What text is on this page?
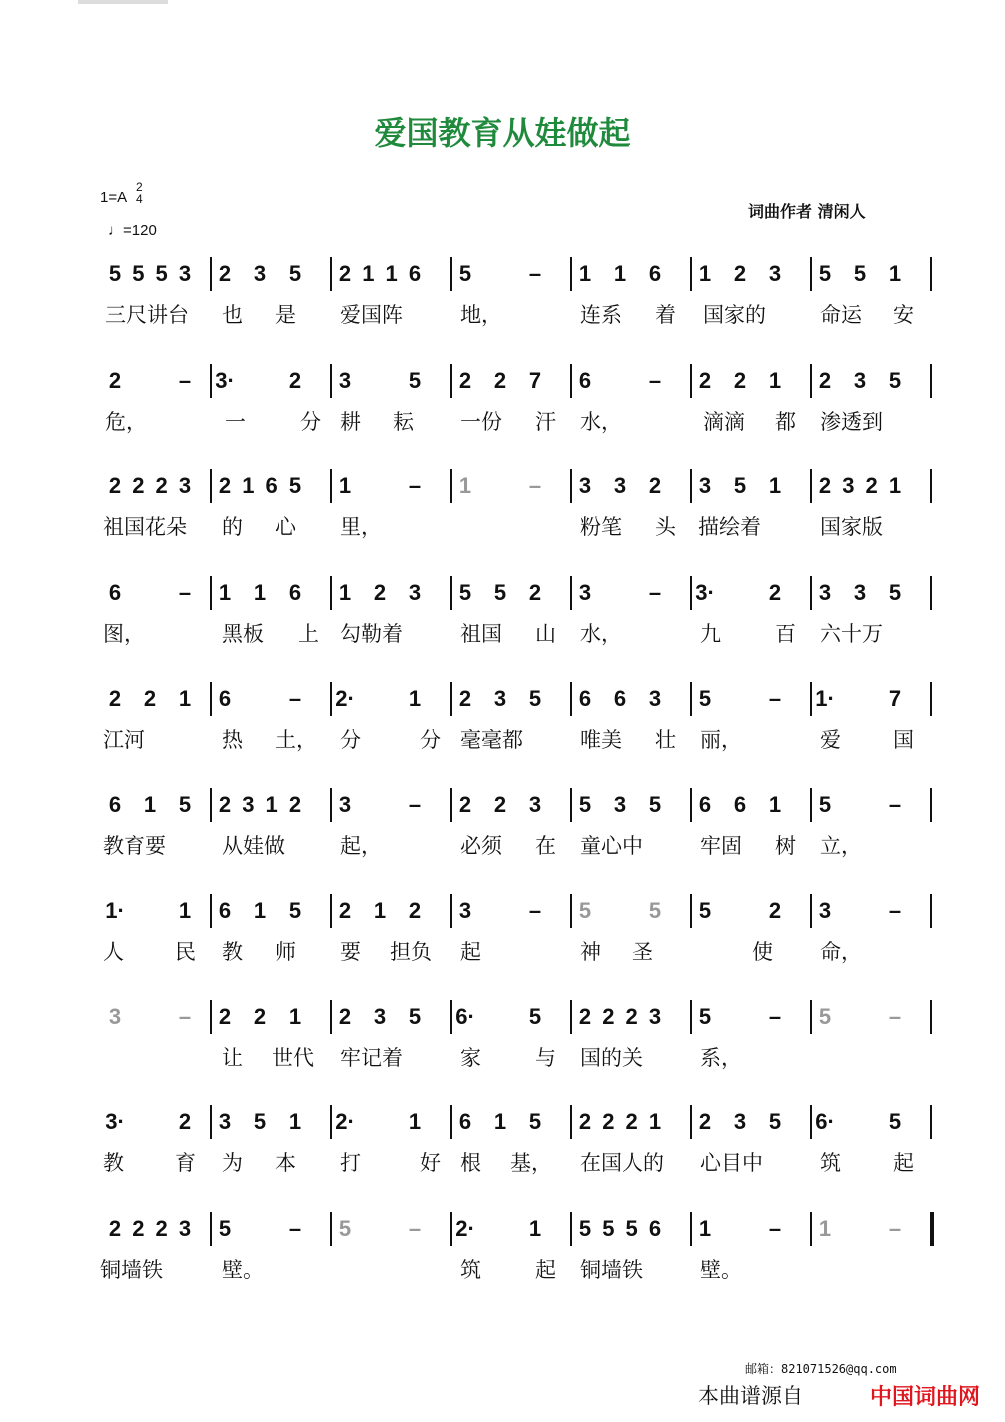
爱国教育从娃做起
1=A
2
4
♩=120
词曲作者 清闲人
5 5 5 3 2 3 5 2 1 1 6 5	– 1 1 6 1 2 3 5 5 1
三尺讲台 也 是 爱国阵	地，	连系 着 国家的	命运 安
2	– 3· 2 3	5 2 2 7 6	– 2 2 1 2 3 5
危，	一	分 耕 耘 一份 汗 水，	滴滴 都 渗透到
2 2 2 3 2 1 6 5 1	– 1	– 3 3 2 3 5 1 2 3 2 1
祖国花朵 的 心 里，	粉笔 头 描绘着	国家版
6	– 1 1 6 1 2 3 5 5 2 3	– 3· 2 3 3 5
图，	黑板 上 勾勒着	祖国 山 水，	九	百 六十万
2 2 1 6	– 2· 1 2 3 5 6 6 3 5	– 1· 7
江河	热 土， 分	分 毫毫都	唯美 壮 丽，	爱 国
6 1 5 2 3 1 2 3	– 2 2 3 5 3 5 6 6 1 5	–
教育要	从娃做	起，	必须 在 童心中	牢固 树 立，
1· 1 6 1 5 2 1 2 3	– 5	5 5	2 3	–
人 民 教 师 要 担负 起	神 圣	使 命，
3	– 2 2 1 2 3 5 6· 5 2 2 2 3 5	– 5	–
让 世代 牢记着	家	与 国的关	系，
3· 2 3 5 1 2· 1 6 1 5 2 2 2 1 2 3 5 6· 5
教 育 为 本 打	好 根 基， 在国人的 心目中	筑 起
2 2 2 3 5	– 5	– 2· 1 5 5 5 6 1	– 1	–
铜墙铁	壁。	筑	起 铜墙铁	壁。
邮箱：821071526@qq.com
本曲谱源自	中国词曲网
